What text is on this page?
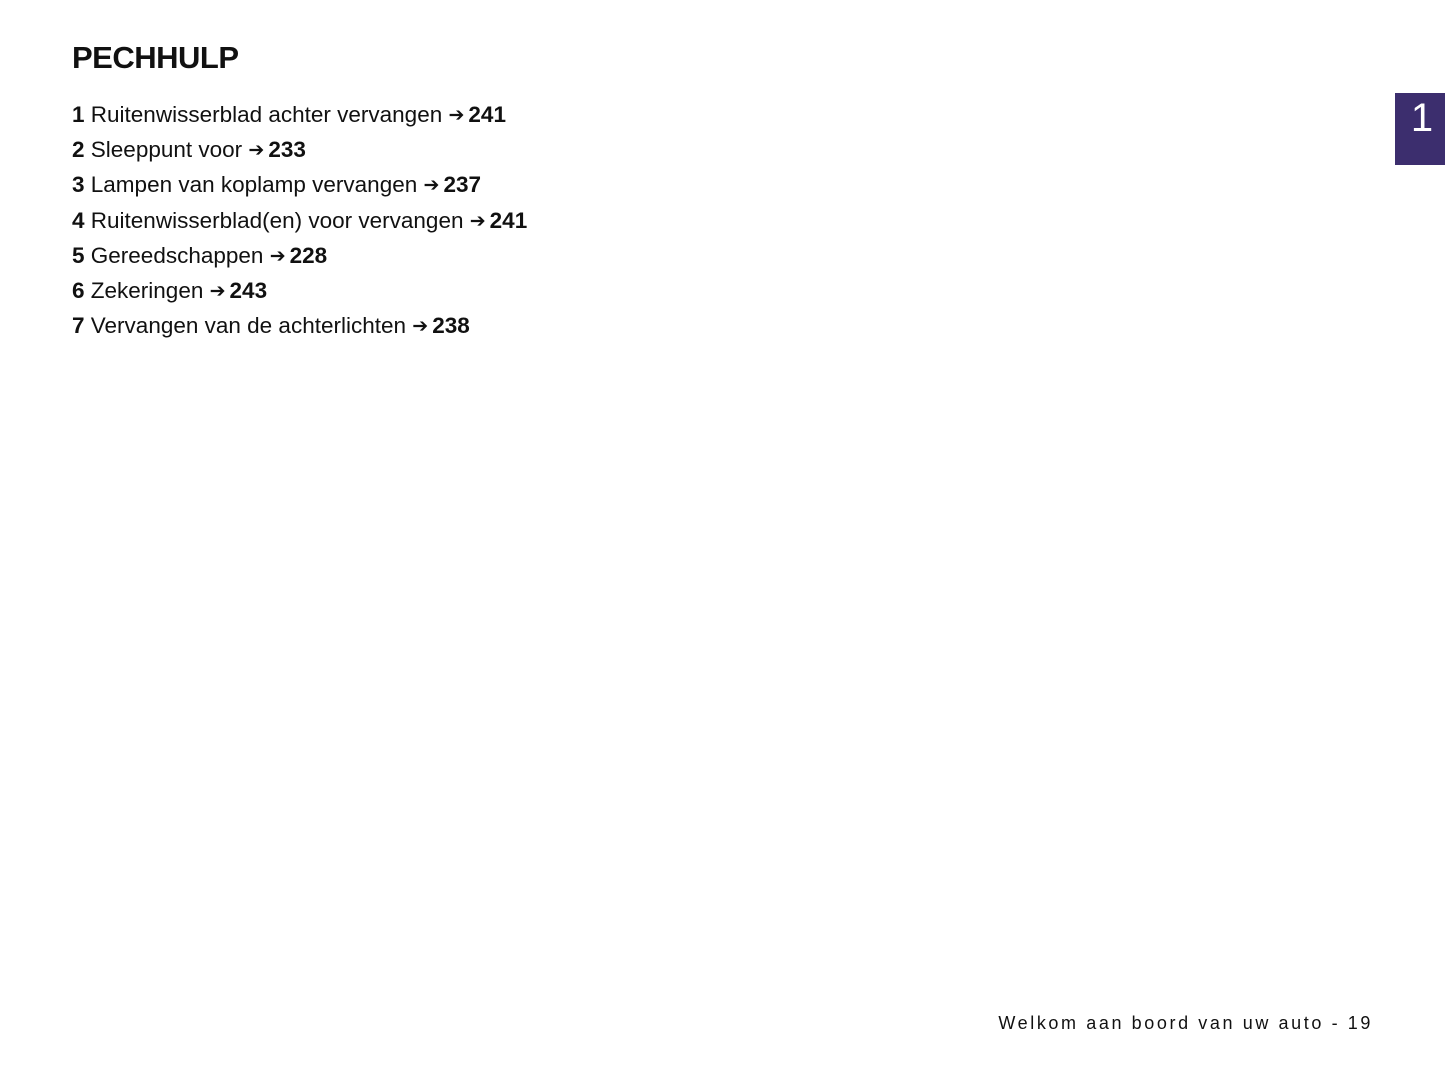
PECHHULP
1 Ruitenwisserblad achter vervangen ➔ 241
2 Sleeppunt voor ➔ 233
3 Lampen van koplamp vervangen ➔ 237
4 Ruitenwisserblad(en) voor vervangen ➔ 241
5 Gereedschappen ➔ 228
6 Zekeringen ➔ 243
7 Vervangen van de achterlichten ➔ 238
1
Welkom aan boord van uw auto - 19
